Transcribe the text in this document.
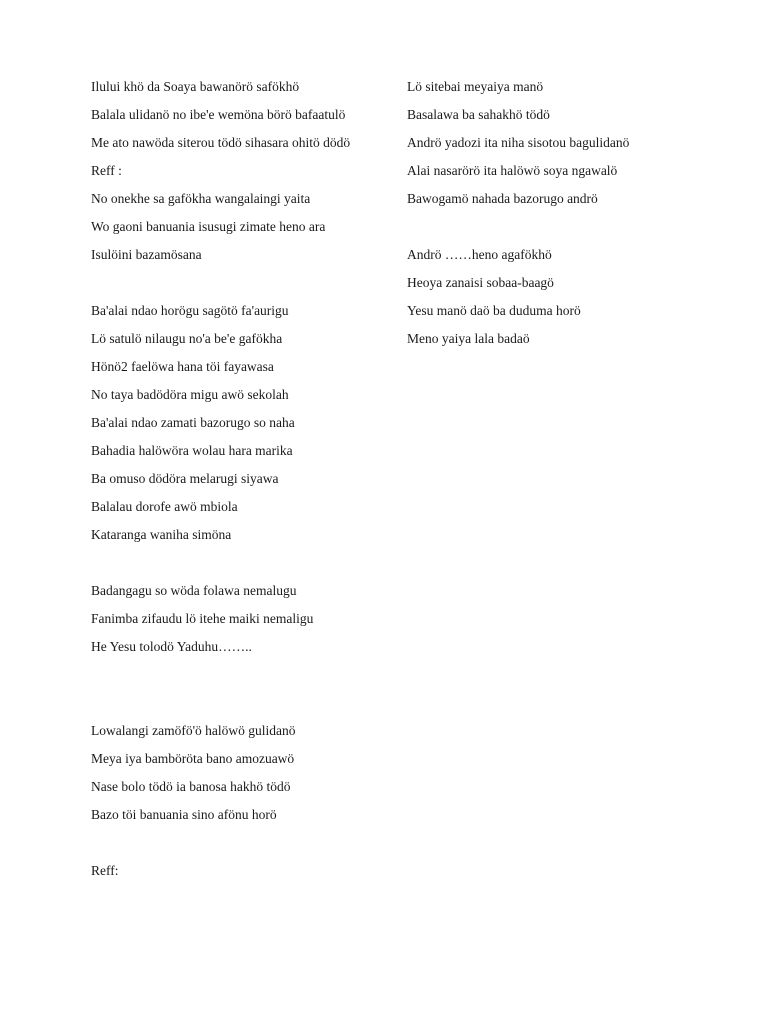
Ilului khö da Soaya bawanörö safökhö

Balala ulidanö no ibe'e wemöna börö bafaatulö

Me ato nawöda siterou tödö sihasara ohitö dödö

Reff :

No onekhe sa gafökha wangalaingi yaita

Wo gaoni banuania isusugi zimate heno ara

Isulöini bazamösana

Ba'alai ndao horögu sagötö fa'aurigu

Lö satulö nilaugu no'a be'e gafökha

Hönö2 faelöwa hana töi fayawasa

No taya badödöra migu awö sekolah

Ba'alai ndao zamati bazorugo so naha

Bahadia halöwöra wolau hara marika

Ba omuso dödöra melarugi siyawa

Balalau dorofe awö mbiola

Kataranga waniha simöna

Badangagu so wöda folawa nemalugu

Fanimba zifaudu lö itehe maiki nemaligu

He Yesu tolodö Yaduhu……..

Lowalangi zamöfö'ö halöwö gulidanö

Meya iya bamböröta bano amozuawö

Nase bolo tödö ia banosa hakhö tödö

Bazo töi banuania sino afönu horö

Reff:

Lö sitebai meyaiya manö

Basalawa ba sahakhö tödö

Andrö yadozi ita niha sisotou bagulidanö

Alai nasarörö ita halöwö soya ngawalö

Bawogamö nahada bazorugo andrö

Andrö ……heno agafökhö

Heoya zanaisi sobaa-baagö

Yesu manö daö ba duduma horö

Meno yaiya lala badaö
